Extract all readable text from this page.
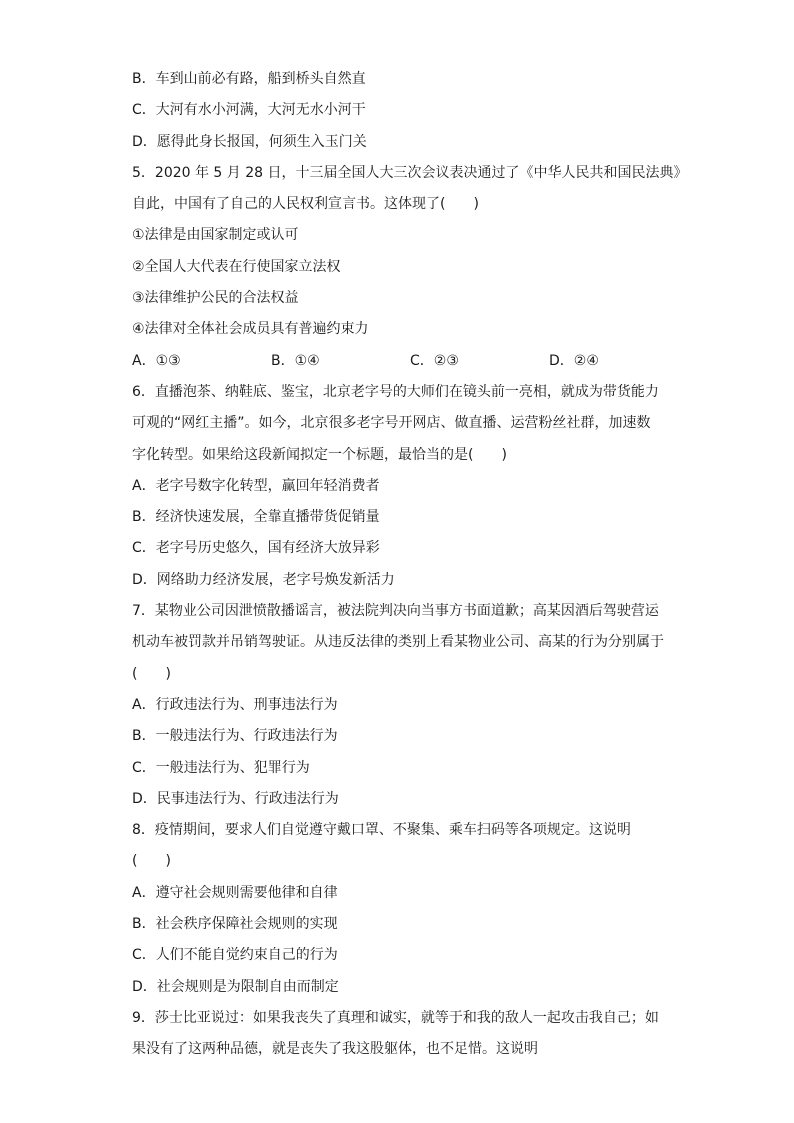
B．车到山前必有路，船到桥头自然直
C．大河有水小河满，大河无水小河干
D．愿得此身长报国，何须生入玉门关
5．2020 年 5 月 28 日，十三届全国人大三次会议表决通过了《中华人民共和国民法典》
自此，中国有了自己的人民权利宣言书。这体现了(　　)
①法律是由国家制定或认可
②全国人大代表在行使国家立法权
③法律维护公民的合法权益
④法律对全体社会成员具有普遍约束力
A．①③	B．①④	C．②③	D．②④
6．直播泡茶、纳鞋底、鉴宝，北京老字号的大师们在镜头前一亮相，就成为带货能力
可观的“网红主播”。如今，北京很多老字号开网店、做直播、运营粉丝社群，加速数
字化转型。如果给这段新闻拟定一个标题，最恰当的是(　　)
A．老字号数字化转型，赢回年轻消费者
B．经济快速发展，全靠直播带货促销量
C．老字号历史悠久，国有经济大放异彩
D．网络助力经济发展，老字号焕发新活力
7．某物业公司因泄愤散播谣言，被法院判决向当事方书面道歉；高某因酒后驾驶营运
机动车被罚款并吊销驾驶证。从违反法律的类别上看某物业公司、高某的行为分别属于
(　　)
A．行政违法行为、刑事违法行为
B．一般违法行为、行政违法行为
C．一般违法行为、犯罪行为
D．民事违法行为、行政违法行为
8．疫情期间，要求人们自觉遵守戴口罩、不聚集、乘车扫码等各项规定。这说明
(　　)
A．遵守社会规则需要他律和自律
B．社会秩序保障社会规则的实现
C．人们不能自觉约束自己的行为
D．社会规则是为限制自由而制定
9．莎士比亚说过：如果我丧失了真理和诚实，就等于和我的敌人一起攻击我自己；如
果没有了这两种品德，就是丧失了我这股躯体，也不足惜。这说明
